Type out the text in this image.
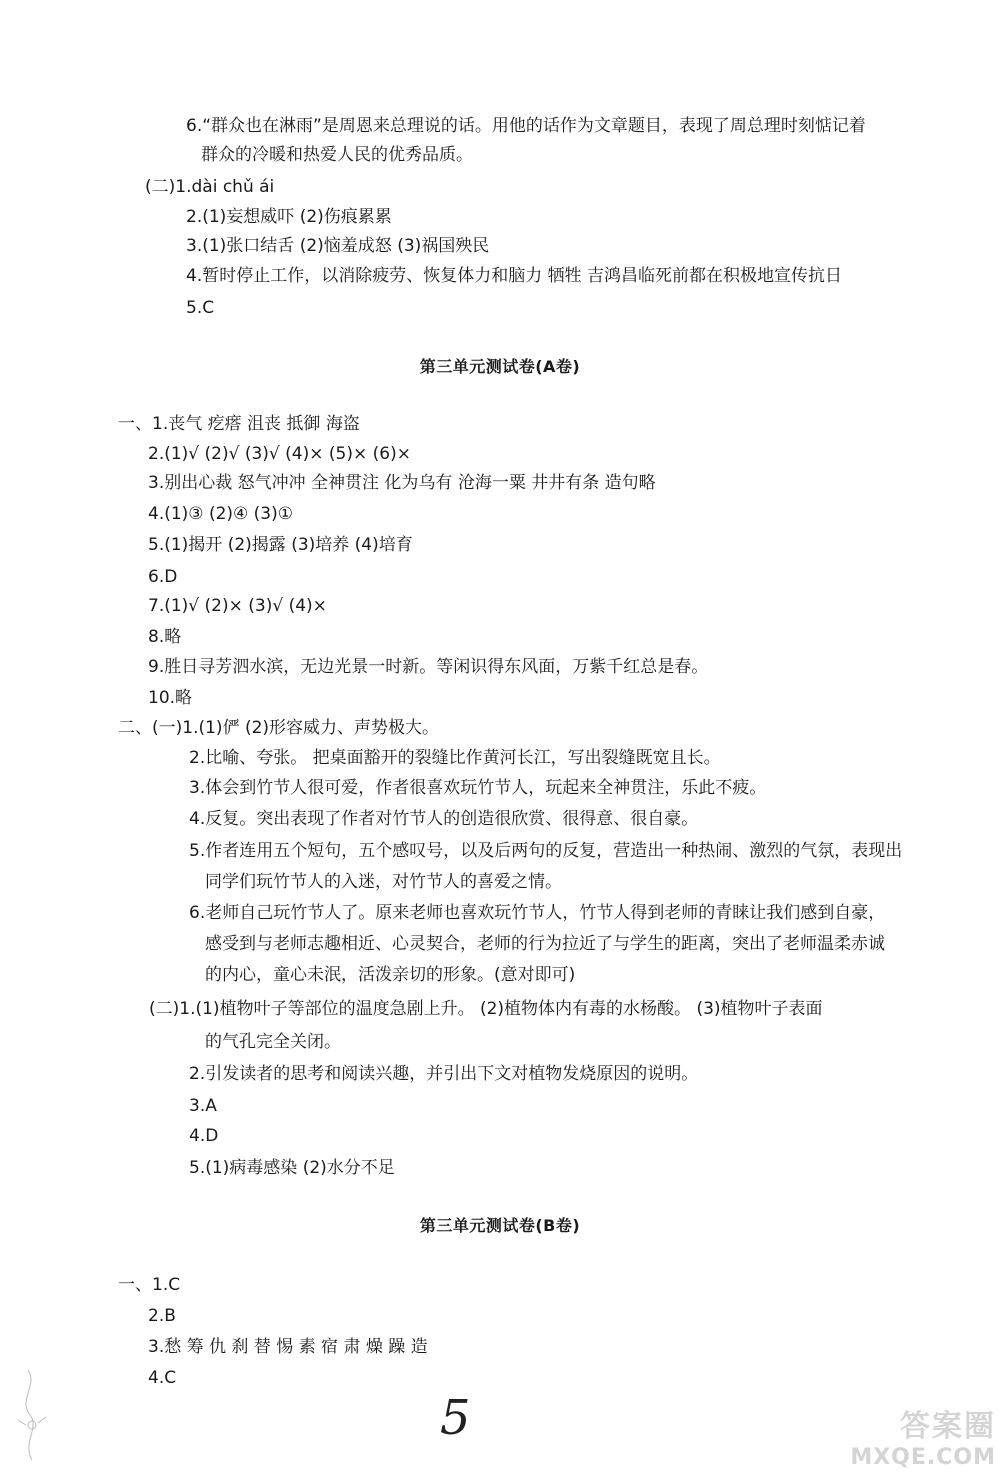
6.“群众也在淋雨”是周恩来总理说的话。用他的话作为文章题目，表现了周总理时刻惦记着
群众的冷暖和热爱人民的优秀品质。
(二)1.dài chǔ ái
2.(1)妄想威吓 (2)伤痕累累
3.(1)张口结舌 (2)恼羞成怒 (3)祸国殃民
4.暂时停止工作，以消除疲劳、恢复体力和脑力 牺牲 吉鸿昌临死前都在积极地宣传抗日
5.C
第三单元测试卷(A卷)
一、1.丧气 疙瘩 沮丧 抵御 海盗
2.(1)√ (2)√ (3)√ (4)× (5)× (6)×
3.别出心裁 怒气冲冲 全神贯注 化为乌有 沧海一粟 井井有条 造句略
4.(1)③ (2)④ (3)①
5.(1)揭开 (2)揭露 (3)培养 (4)培育
6.D
7.(1)√ (2)× (3)√ (4)×
8.略
9.胜日寻芳泗水滨，无边光景一时新。等闲识得东风面，万紫千红总是春。
10.略
二、(一)1.(1)俨 (2)形容威力、声势极大。
2.比喻、夸张。 把桌面豁开的裂缝比作黄河长江，写出裂缝既宽且长。
3.体会到竹节人很可爱，作者很喜欢玩竹节人，玩起来全神贯注，乐此不疲。
4.反复。突出表现了作者对竹节人的创造很欣赏、很得意、很自豪。
5.作者连用五个短句，五个感叹号，以及后两句的反复，营造出一种热闹、激烈的气氛，表现出
同学们玩竹节人的入迷，对竹节人的喜爱之情。
6.老师自己玩竹节人了。原来老师也喜欢玩竹节人，竹节人得到老师的青睐让我们感到自豪，
感受到与老师志趣相近、心灵契合，老师的行为拉近了与学生的距离，突出了老师温柔赤诚
的内心，童心未泯，活泼亲切的形象。(意对即可)
(二)1.(1)植物叶子等部位的温度急剧上升。 (2)植物体内有毒的水杨酸。 (3)植物叶子表面
的气孔完全关闭。
2.引发读者的思考和阅读兴趣，并引出下文对植物发烧原因的说明。
3.A
4.D
5.(1)病毒感染 (2)水分不足
第三单元测试卷(B卷)
一、1.C
2.B
3.愁 筹 仇 刹 替 惕 素 宿 肃 燥 躁 造
4.C
5	答案圈
MXQE.COM
